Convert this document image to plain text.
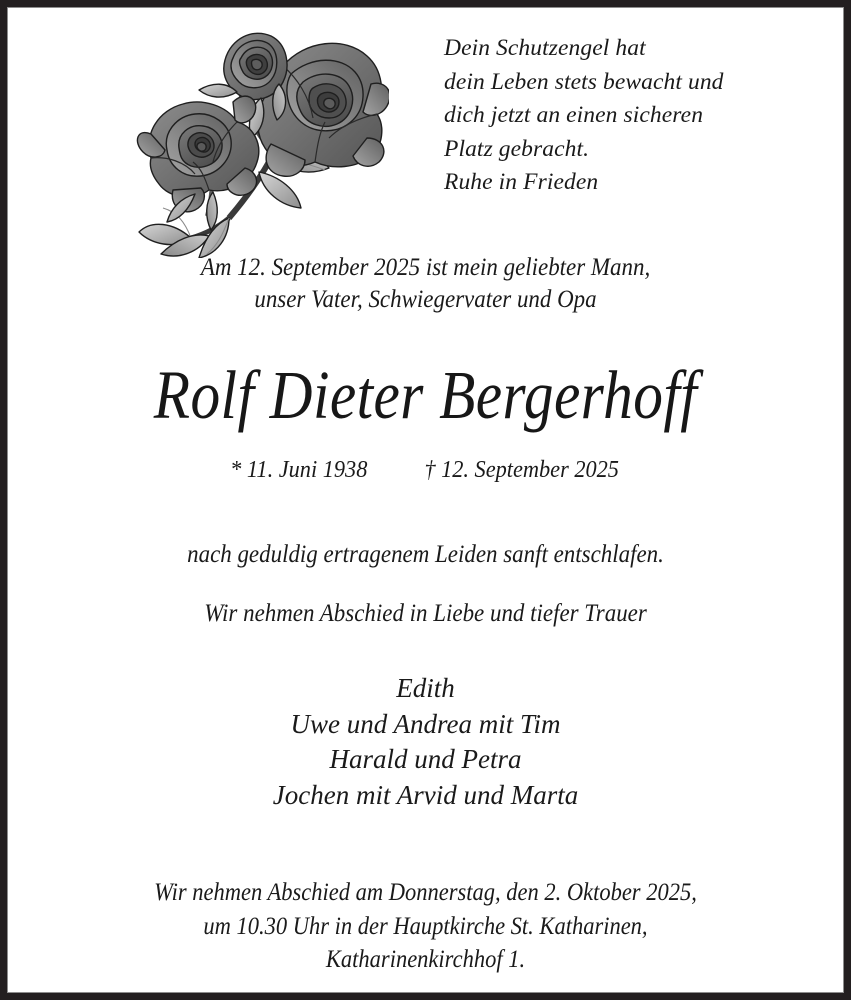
Dein Schutzengel hat
dein Leben stets bewacht und
dich jetzt an einen sicheren
Platz gebracht.
Ruhe in Frieden
Am 12. September 2025 ist mein geliebter Mann,
unser Vater, Schwiegervater und Opa
Rolf Dieter Bergerhoff
* 11. Juni 1938 † 12. September 2025
nach geduldig ertragenem Leiden sanft entschlafen.
Wir nehmen Abschied in Liebe und tiefer Trauer
Edith
Uwe und Andrea mit Tim
Harald und Petra
Jochen mit Arvid und Marta
Wir nehmen Abschied am Donnerstag, den 2. Oktober 2025,
um 10.30 Uhr in der Hauptkirche St. Katharinen,
Katharinenkirchhof 1.
